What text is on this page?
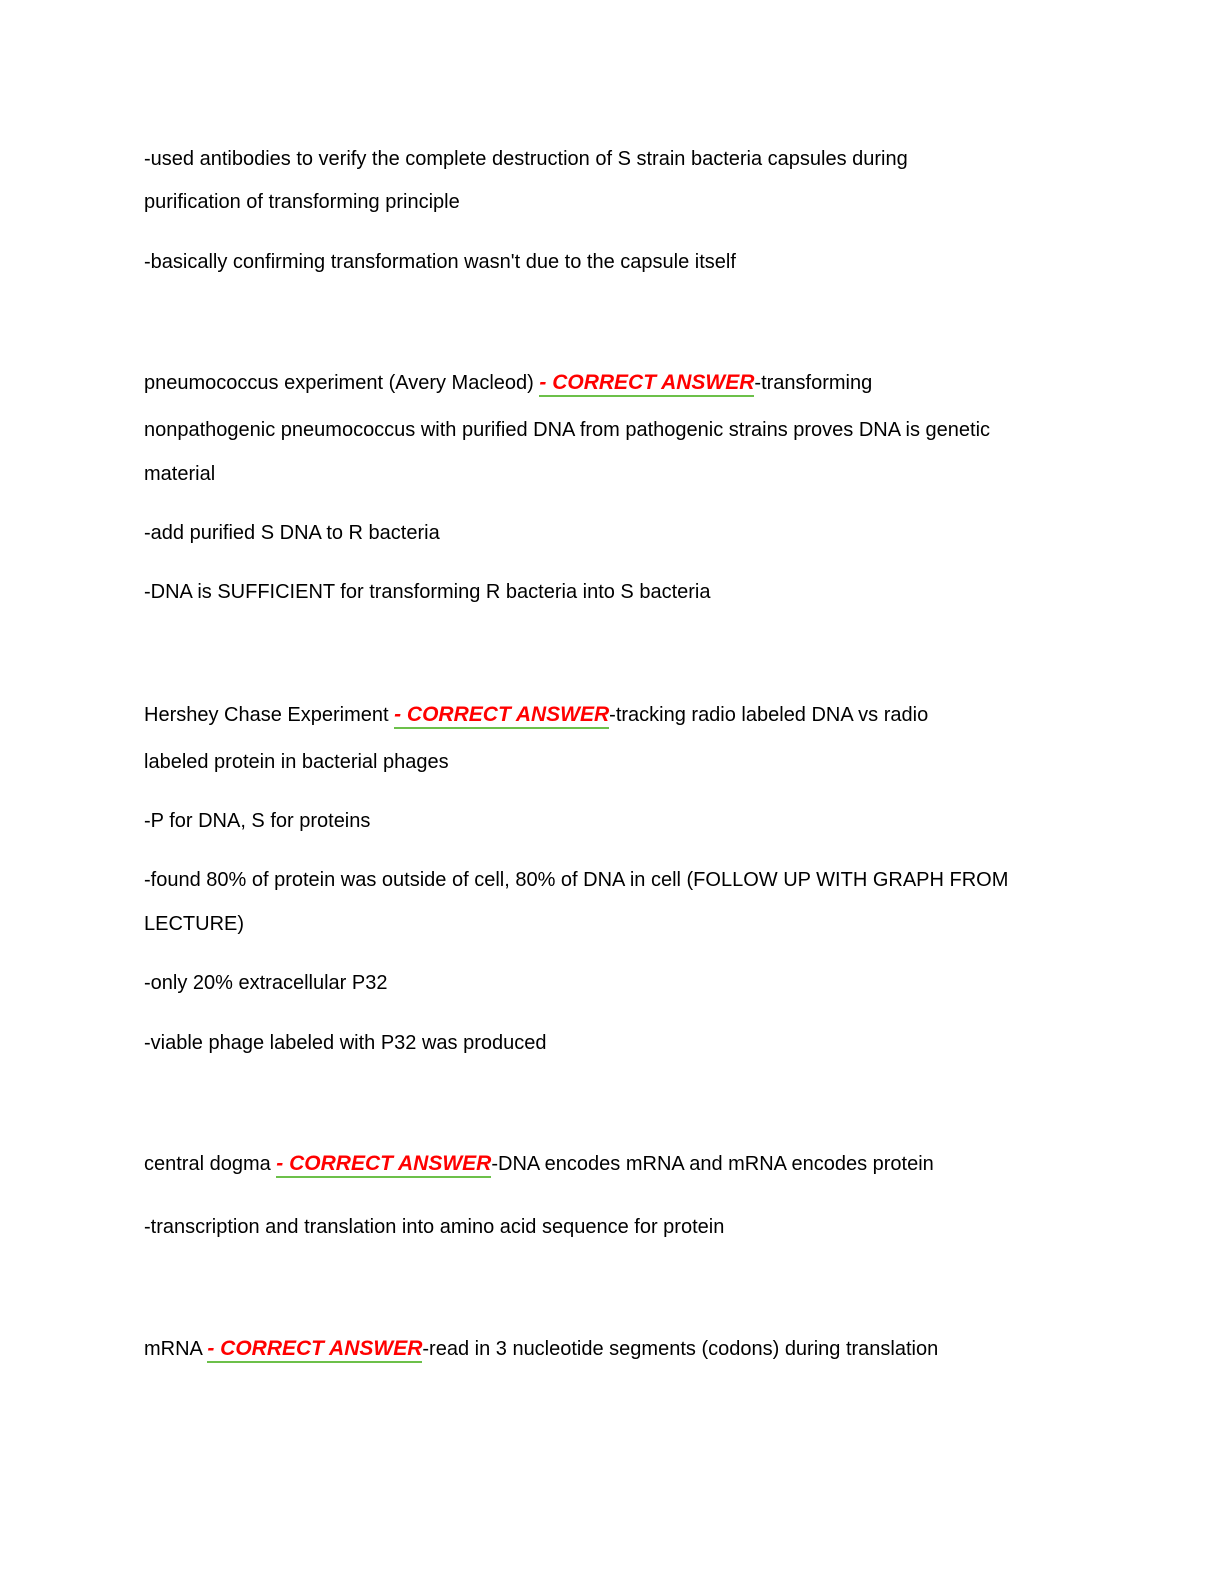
-used antibodies to verify the complete destruction of S strain bacteria capsules during
purification of transforming principle
-basically confirming transformation wasn't due to the capsule itself
pneumococcus experiment (Avery Macleod) - CORRECT ANSWER-transforming
nonpathogenic pneumococcus with purified DNA from pathogenic strains proves DNA is genetic
material
-add purified S DNA to R bacteria
-DNA is SUFFICIENT for transforming R bacteria into S bacteria
Hershey Chase Experiment - CORRECT ANSWER-tracking radio labeled DNA vs radio
labeled protein in bacterial phages
-P for DNA, S for proteins
-found 80% of protein was outside of cell, 80% of DNA in cell (FOLLOW UP WITH GRAPH FROM
LECTURE)
-only 20% extracellular P32
-viable phage labeled with P32 was produced
central dogma - CORRECT ANSWER-DNA encodes mRNA and mRNA encodes protein
-transcription and translation into amino acid sequence for protein
mRNA - CORRECT ANSWER-read in 3 nucleotide segments (codons) during translation
